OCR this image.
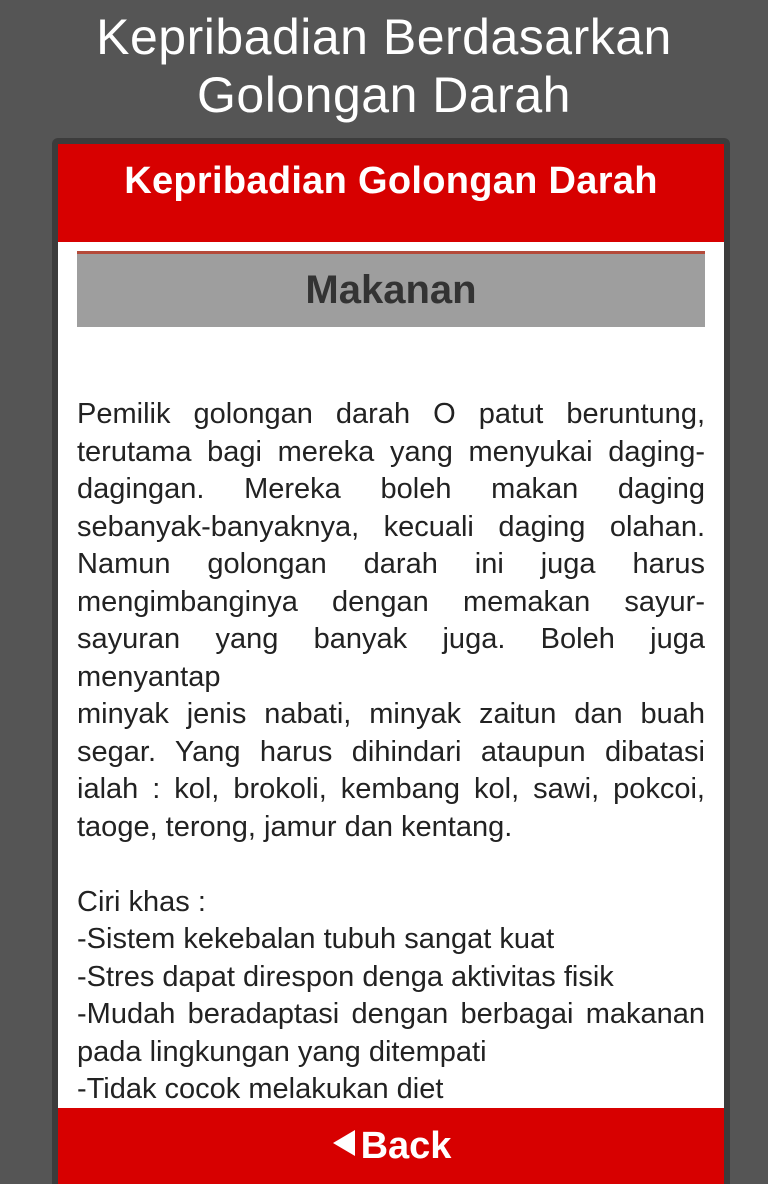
Kepribadian Berdasarkan Golongan Darah
Kepribadian Golongan Darah
Makanan

Pemilik golongan darah O patut beruntung, terutama bagi mereka yang menyukai daging-dagingan. Mereka boleh makan daging sebanyak-banyaknya, kecuali daging olahan. Namun golongan darah ini juga harus mengimbanginya dengan memakan sayur-sayuran yang banyak juga. Boleh juga menyantap

minyak jenis nabati, minyak zaitun dan buah segar. Yang harus dihindari ataupun dibatasi ialah : kol, brokoli, kembang kol, sawi, pokcoi, taoge, terong, jamur dan kentang.

Ciri khas :

-Sistem kekebalan tubuh sangat kuat

-Stres dapat direspon denga aktivitas fisik

-Mudah beradaptasi dengan berbagai makanan pada lingkungan yang ditempati

-Tidak cocok melakukan diet

Back
